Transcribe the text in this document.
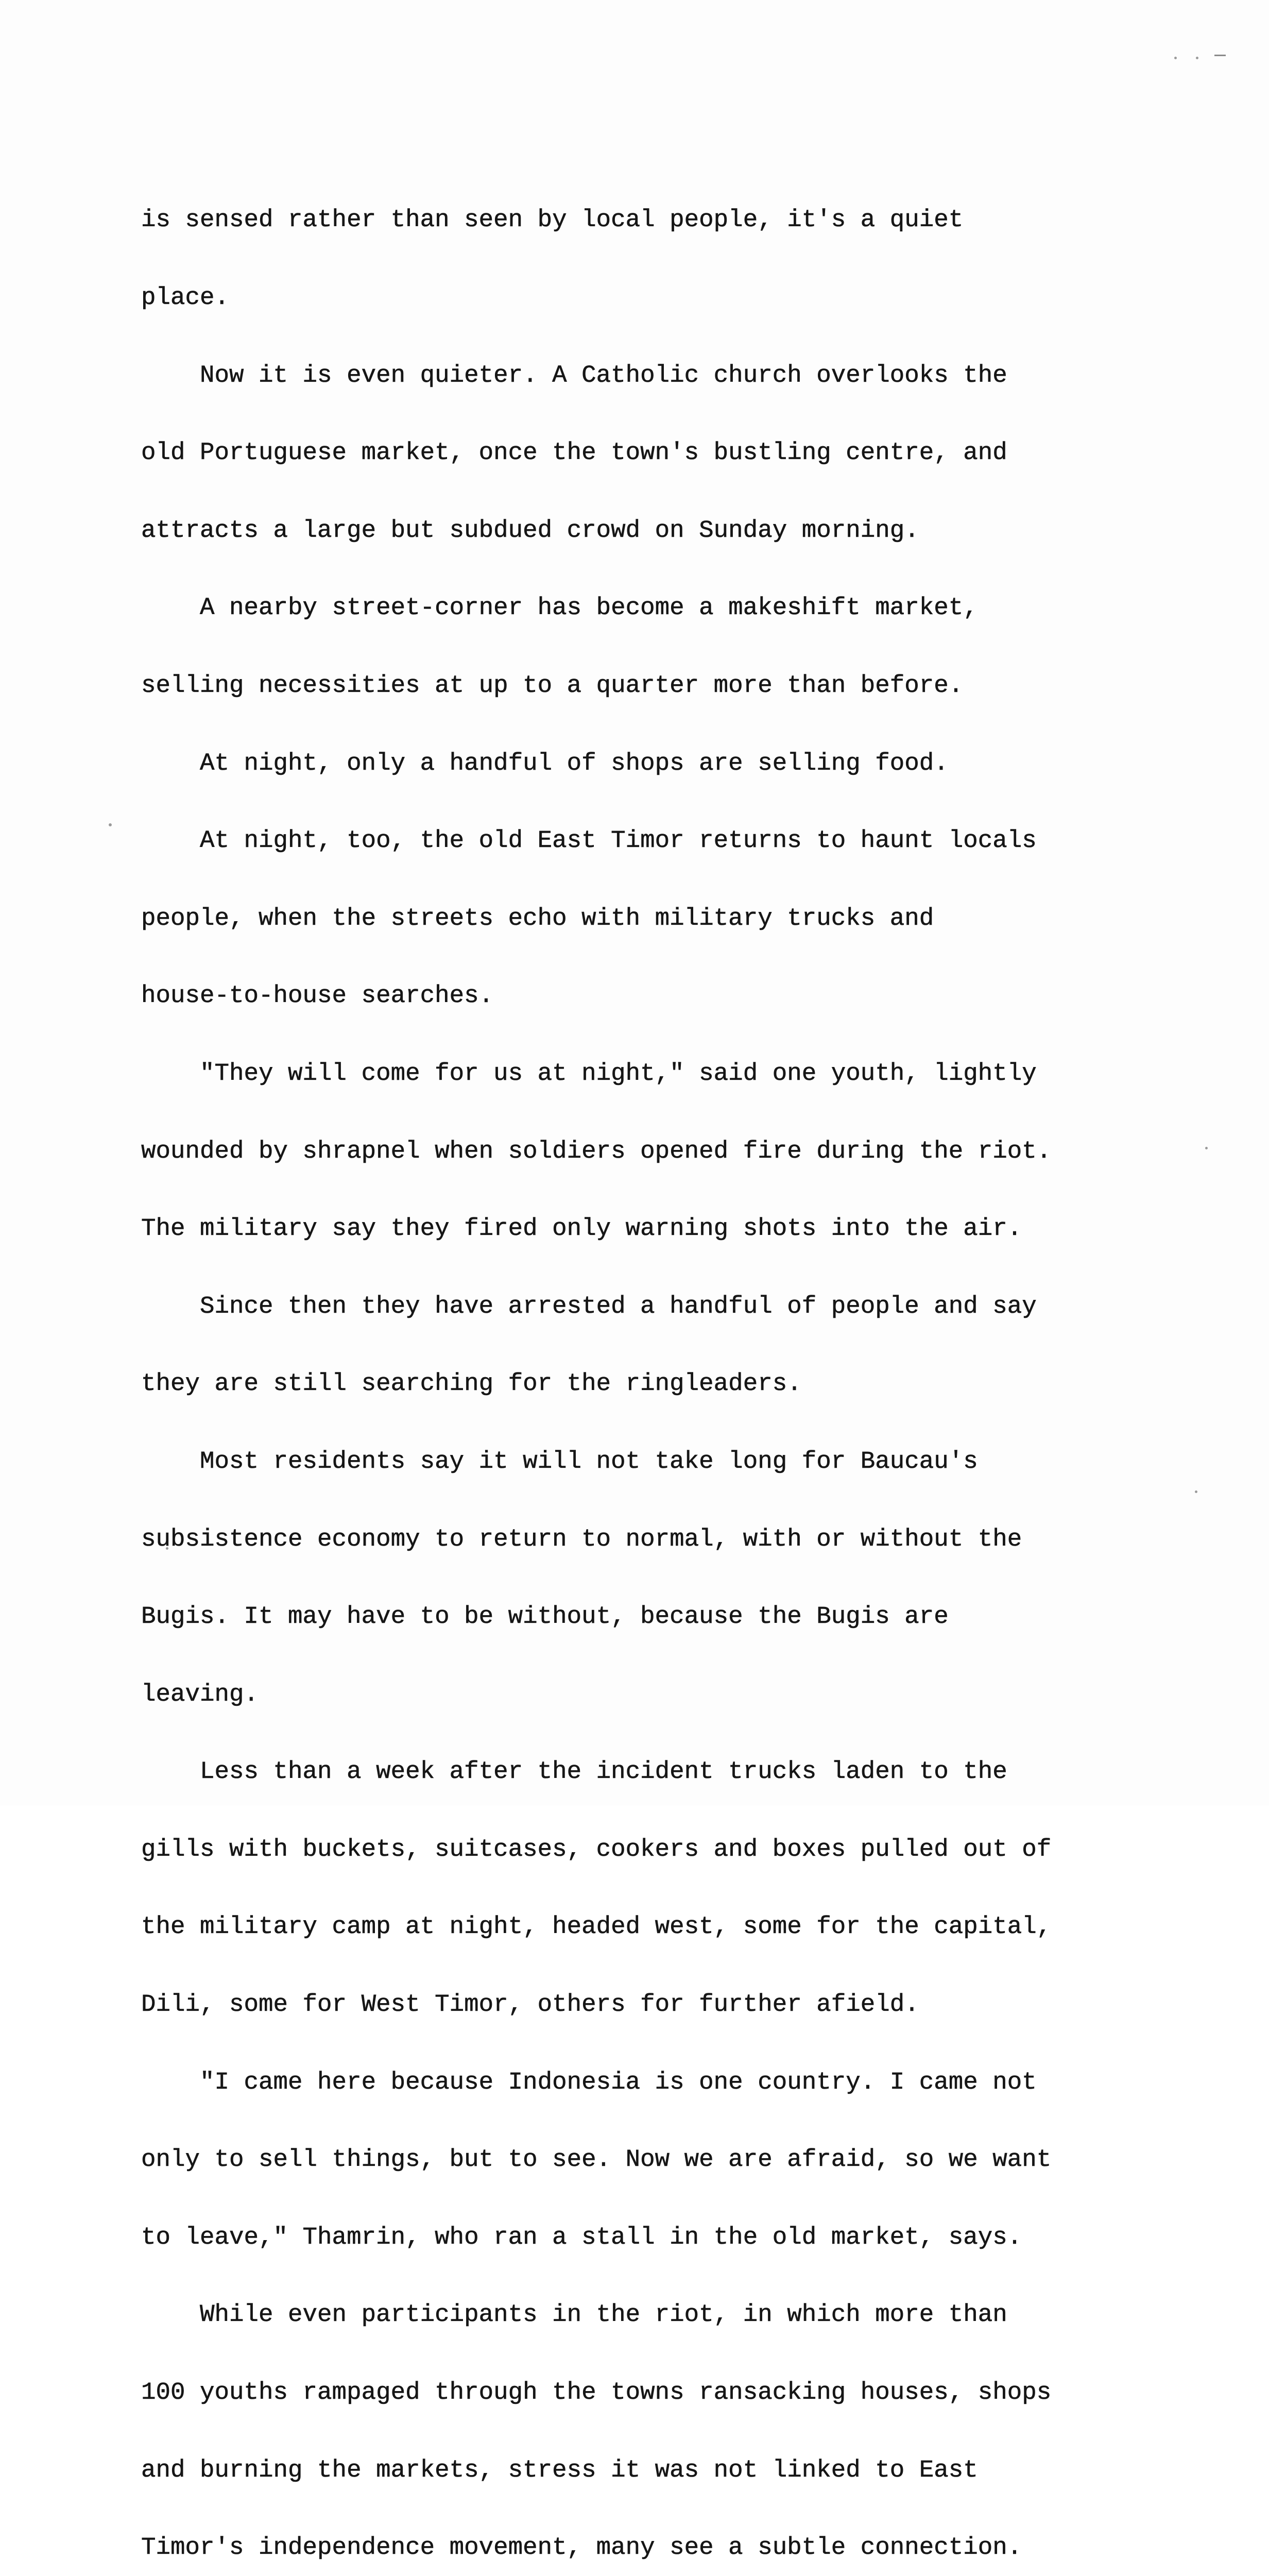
is sensed rather than seen by local people, it's a quiet

place.

Now it is even quieter. A Catholic church overlooks the

old Portuguese market, once the town's bustling centre, and

attracts a large but subdued crowd on Sunday morning.

A nearby street-corner has become a makeshift market,

selling necessities at up to a quarter more than before.

At night, only a handful of shops are selling food.

At night, too, the old East Timor returns to haunt locals

people, when the streets echo with military trucks and

house-to-house searches.

"They will come for us at night," said one youth, lightly

wounded by shrapnel when soldiers opened fire during the riot.

The military say they fired only warning shots into the air.

Since then they have arrested a handful of people and say

they are still searching for the ringleaders.

Most residents say it will not take long for Baucau's

subsistence economy to return to normal, with or without the

Bugis. It may have to be without, because the Bugis are

leaving.

Less than a week after the incident trucks laden to the

gills with buckets, suitcases, cookers and boxes pulled out of

the military camp at night, headed west, some for the capital,

Dili, some for West Timor, others for further afield.

"I came here because Indonesia is one country. I came not

only to sell things, but to see. Now we are afraid, so we want

to leave," Thamrin, who ran a stall in the old market, says.

While even participants in the riot, in which more than

100 youths rampaged through the towns ransacking houses, shops

and burning the markets, stress it was not linked to East

Timor's independence movement, many see a subtle connection.
